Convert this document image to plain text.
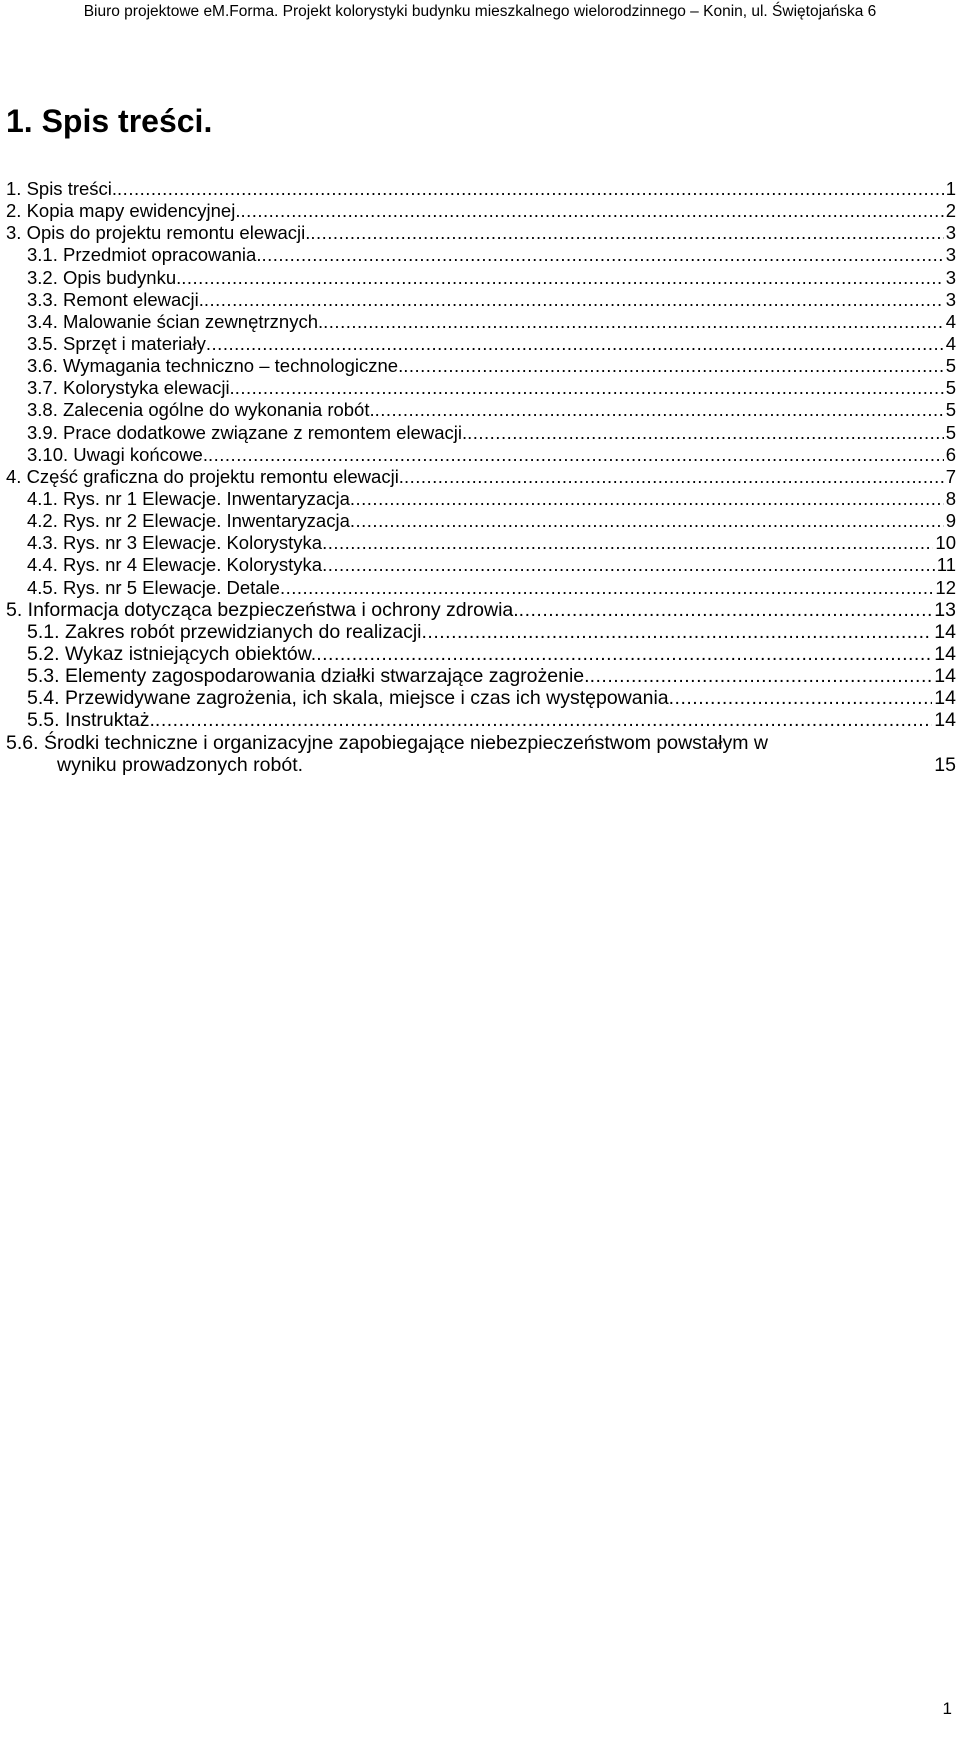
Biuro projektowe eM.Forma. Projekt kolorystyki budynku mieszkalnego wielorodzinnego – Konin, ul. Świętojańska 6
1. Spis treści.
1. Spis treści. .....	1
2. Kopia mapy ewidencyjnej. .....	2
3. Opis do projektu remontu elewacji. .....	3
3.1. Przedmiot opracowania. .....	3
3.2. Opis budynku. .....	3
3.3. Remont elewacji. .....	3
3.4. Malowanie ścian zewnętrznych. .....	4
3.5. Sprzęt i materiały .....	4
3.6. Wymagania techniczno – technologiczne. .....	5
3.7. Kolorystyka elewacji. .....	5
3.8. Zalecenia ogólne do wykonania robót. .....	5
3.9. Prace dodatkowe związane z remontem elewacji. .....	5
3.10. Uwagi końcowe. .....	6
4. Część graficzna do projektu remontu elewacji. .....	7
4.1. Rys. nr 1 Elewacje. Inwentaryzacja .....	8
4.2. Rys. nr 2 Elewacje. Inwentaryzacja .....	9
4.3. Rys. nr 3 Elewacje. Kolorystyka .....	10
4.4. Rys. nr 4 Elewacje. Kolorystyka .....	11
4.5. Rys. nr 5 Elewacje. Detale .....	12
5. Informacja dotycząca bezpieczeństwa i ochrony zdrowia. .....	13
5.1. Zakres robót przewidzianych do realizacji .....	14
5.2. Wykaz istniejących obiektów. .....	14
5.3. Elementy zagospodarowania działki stwarzające zagrożenie. .....	14
5.4. Przewidywane zagrożenia, ich skala, miejsce i czas ich występowania .....	14
5.5. Instruktaż. .....	14
5.6. Środki techniczne i organizacyjne zapobiegające niebezpieczeństwom powstałym w
wyniku prowadzonych robót.	15
1
